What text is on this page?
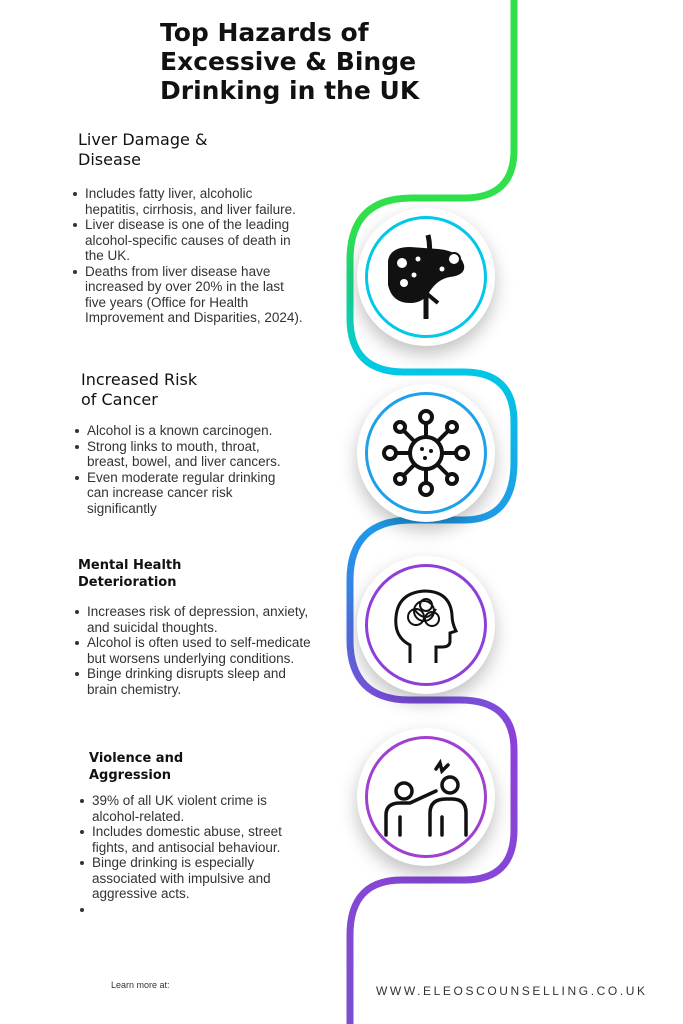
Top Hazards of
Excessive & Binge
Drinking in the UK
Liver Damage &
Disease
Includes fatty liver, alcoholic hepatitis, cirrhosis, and liver failure.
Liver disease is one of the leading alcohol-specific causes of death in the UK.
Deaths from liver disease have increased by over 20% in the last five years (Office for Health Improvement and Disparities, 2024).
Increased Risk
of Cancer
Alcohol is a known carcinogen.
Strong links to mouth, throat, breast, bowel, and liver cancers.
Even moderate regular drinking can increase cancer risk significantly
Mental Health
Deterioration
Increases risk of depression, anxiety, and suicidal thoughts.
Alcohol is often used to self-medicate but worsens underlying conditions.
Binge drinking disrupts sleep and brain chemistry.
Violence and
Aggression
39% of all UK violent crime is alcohol-related.
Includes domestic abuse, street fights, and antisocial behaviour.
Binge drinking is especially associated with impulsive and aggressive acts.
Learn more at:	WWW.ELEOSCOUNSELLING.CO.UK
